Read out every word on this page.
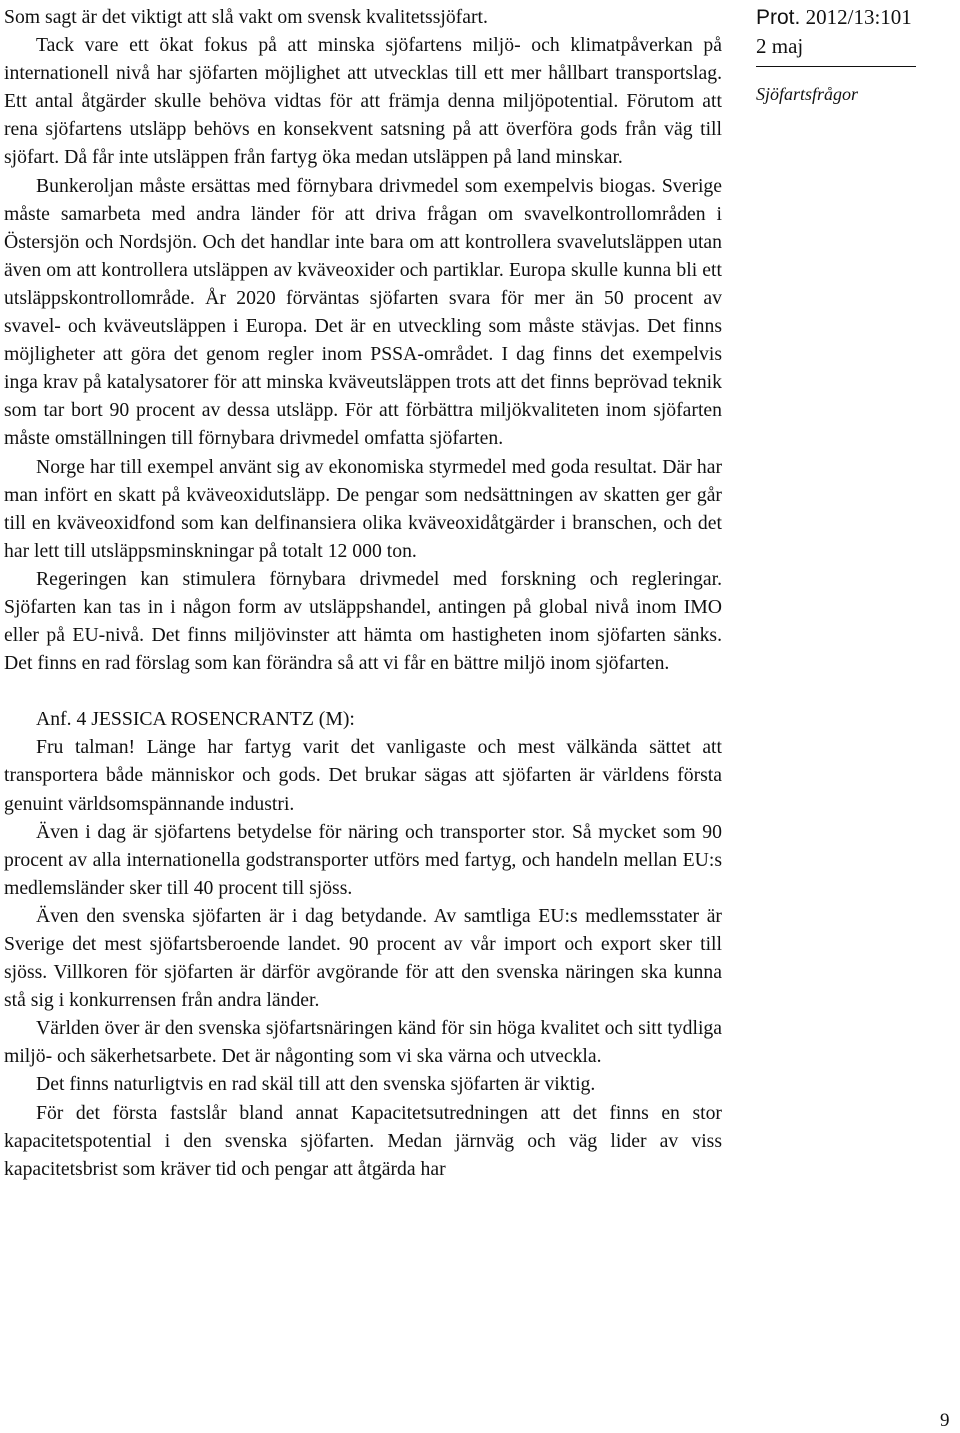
Som sagt är det viktigt att slå vakt om svensk kvalitetssjöfart.

Tack vare ett ökat fokus på att minska sjöfartens miljö- och klimatpåverkan på internationell nivå har sjöfarten möjlighet att utvecklas till ett mer hållbart transportslag. Ett antal åtgärder skulle behöva vidtas för att främja denna miljöpotential. Förutom att rena sjöfartens utsläpp behövs en konsekvent satsning på att överföra gods från väg till sjöfart. Då får inte utsläppen från fartyg öka medan utsläppen på land minskar.

Bunkeroljan måste ersättas med förnybara drivmedel som exempelvis biogas. Sverige måste samarbeta med andra länder för att driva frågan om svavelkontrollområden i Östersjön och Nordsjön. Och det handlar inte bara om att kontrollera svavelutsläppen utan även om att kontrollera utsläppen av kväveoxider och partiklar. Europa skulle kunna bli ett utsläppskontrollområde. År 2020 förväntas sjöfarten svara för mer än 50 procent av svavel- och kväveutsläppen i Europa. Det är en utveckling som måste stävjas. Det finns möjligheter att göra det genom regler inom PSSA-området. I dag finns det exempelvis inga krav på katalysatorer för att minska kväveutsläppen trots att det finns beprövad teknik som tar bort 90 procent av dessa utsläpp. För att förbättra miljökvaliteten inom sjöfarten måste omställningen till förnybara drivmedel omfatta sjöfarten.

Norge har till exempel använt sig av ekonomiska styrmedel med goda resultat. Där har man infört en skatt på kväveoxidutsläpp. De pengar som nedsättningen av skatten ger går till en kväveoxidfond som kan delfinansiera olika kväveoxidåtgärder i branschen, och det har lett till utsläppsminskningar på totalt 12 000 ton.

Regeringen kan stimulera förnybara drivmedel med forskning och regleringar. Sjöfarten kan tas in i någon form av utsläppshandel, antingen på global nivå inom IMO eller på EU-nivå. Det finns miljövinster att hämta om hastigheten inom sjöfarten sänks. Det finns en rad förslag som kan förändra så att vi får en bättre miljö inom sjöfarten.

Anf. 4 JESSICA ROSENCRANTZ (M):

Fru talman! Länge har fartyg varit det vanligaste och mest välkända sättet att transportera både människor och gods. Det brukar sägas att sjöfarten är världens första genuint världsomspännande industri.

Även i dag är sjöfartens betydelse för näring och transporter stor. Så mycket som 90 procent av alla internationella godstransporter utförs med fartyg, och handeln mellan EU:s medlemsländer sker till 40 procent till sjöss.

Även den svenska sjöfarten är i dag betydande. Av samtliga EU:s medlemsstater är Sverige det mest sjöfartsberoende landet. 90 procent av vår import och export sker till sjöss. Villkoren för sjöfarten är därför avgörande för att den svenska näringen ska kunna stå sig i konkurrensen från andra länder.

Världen över är den svenska sjöfartsnäringen känd för sin höga kvalitet och sitt tydliga miljö- och säkerhetsarbete. Det är någonting som vi ska värna och utveckla.

Det finns naturligtvis en rad skäl till att den svenska sjöfarten är viktig.

För det första fastslår bland annat Kapacitetsutredningen att det finns en stor kapacitetspotential i den svenska sjöfarten. Medan järnväg och väg lider av viss kapacitetsbrist som kräver tid och pengar att åtgärda har

Prot. 2012/13:101
2 maj
Sjöfartsfrågor
9
